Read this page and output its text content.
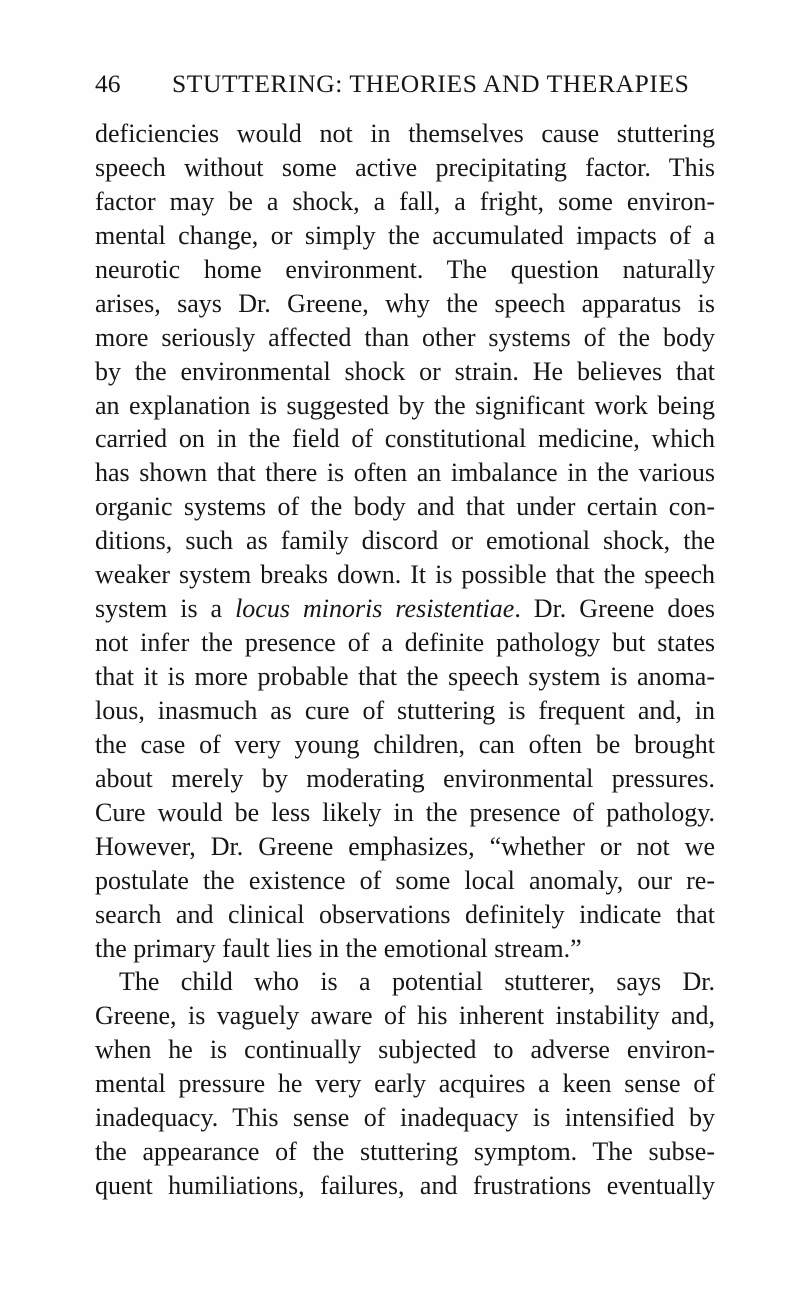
46 STUTTERING: THEORIES AND THERAPIES
deficiencies would not in themselves cause stuttering
speech without some active precipitating factor. This
factor may be a shock, a fall, a fright, some environ-
mental change, or simply the accumulated impacts of a
neurotic home environment. The question naturally
arises, says Dr. Greene, why the speech apparatus is
more seriously affected than other systems of the body
by the environmental shock or strain. He believes that
an explanation is suggested by the significant work being
carried on in the field of constitutional medicine, which
has shown that there is often an imbalance in the various
organic systems of the body and that under certain con-
ditions, such as family discord or emotional shock, the
weaker system breaks down. It is possible that the speech
system is a locus minoris resistentiae. Dr. Greene does
not infer the presence of a definite pathology but states
that it is more probable that the speech system is anoma-
lous, inasmuch as cure of stuttering is frequent and, in
the case of very young children, can often be brought
about merely by moderating environmental pressures.
Cure would be less likely in the presence of pathology.
However, Dr. Greene emphasizes, “whether or not we
postulate the existence of some local anomaly, our re-
search and clinical observations definitely indicate that
the primary fault lies in the emotional stream.”
The child who is a potential stutterer, says Dr.
Greene, is vaguely aware of his inherent instability and,
when he is continually subjected to adverse environ-
mental pressure he very early acquires a keen sense of
inadequacy. This sense of inadequacy is intensified by
the appearance of the stuttering symptom. The subse-
quent humiliations, failures, and frustrations eventually
